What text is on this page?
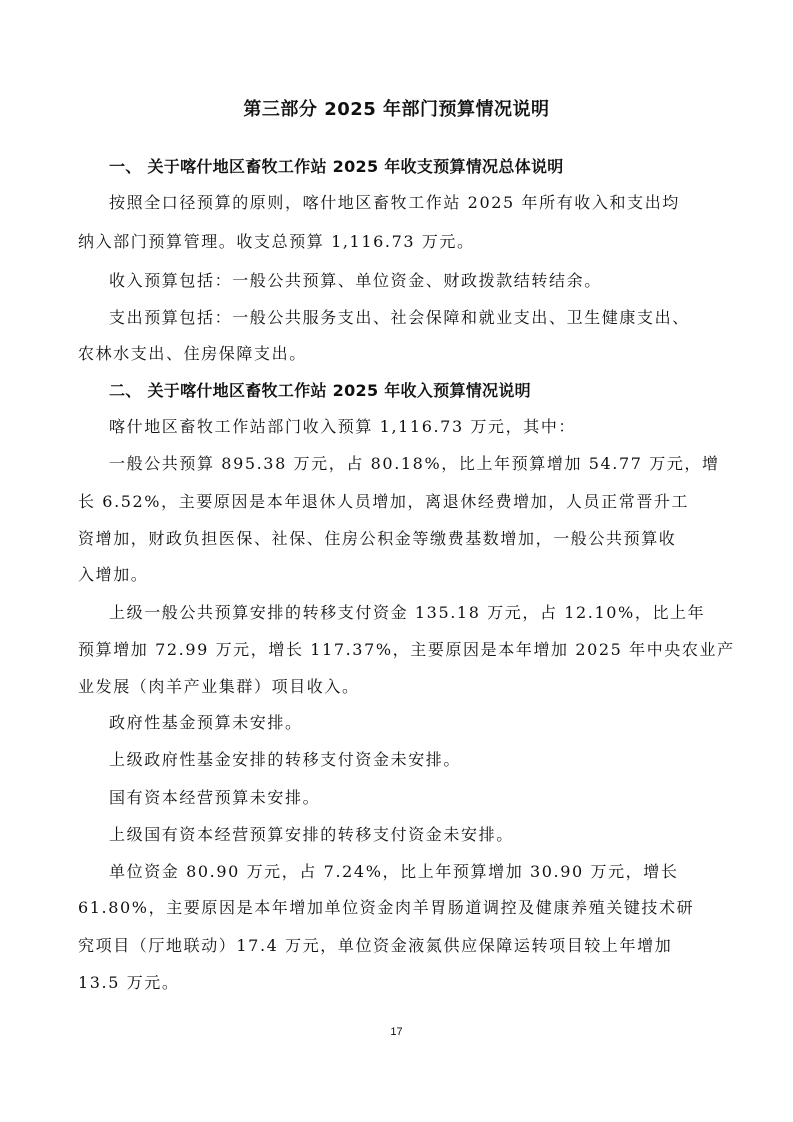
第三部分 2025 年部门预算情况说明
一、 关于喀什地区畜牧工作站 2025 年收支预算情况总体说明
按照全口径预算的原则，喀什地区畜牧工作站 2025 年所有收入和支出均
纳入部门预算管理。收支总预算 1,116.73 万元。
收入预算包括：一般公共预算、单位资金、财政拨款结转结余。
支出预算包括：一般公共服务支出、社会保障和就业支出、卫生健康支出、
农林水支出、住房保障支出。
二、 关于喀什地区畜牧工作站 2025 年收入预算情况说明
喀什地区畜牧工作站部门收入预算 1,116.73 万元，其中：
一般公共预算 895.38 万元，占 80.18%，比上年预算增加 54.77 万元，增
长 6.52%，主要原因是本年退休人员增加，离退休经费增加，人员正常晋升工
资增加，财政负担医保、社保、住房公积金等缴费基数增加，一般公共预算收
入增加。
上级一般公共预算安排的转移支付资金 135.18 万元，占 12.10%，比上年
预算增加 72.99 万元，增长 117.37%，主要原因是本年增加 2025 年中央农业产
业发展（肉羊产业集群）项目收入。
政府性基金预算未安排。
上级政府性基金安排的转移支付资金未安排。
国有资本经营预算未安排。
上级国有资本经营预算安排的转移支付资金未安排。
单位资金 80.90 万元，占 7.24%，比上年预算增加 30.90 万元，增长
61.80%，主要原因是本年增加单位资金肉羊胃肠道调控及健康养殖关键技术研
究项目（厅地联动）17.4 万元，单位资金液氮供应保障运转项目较上年增加
13.5 万元。
17
